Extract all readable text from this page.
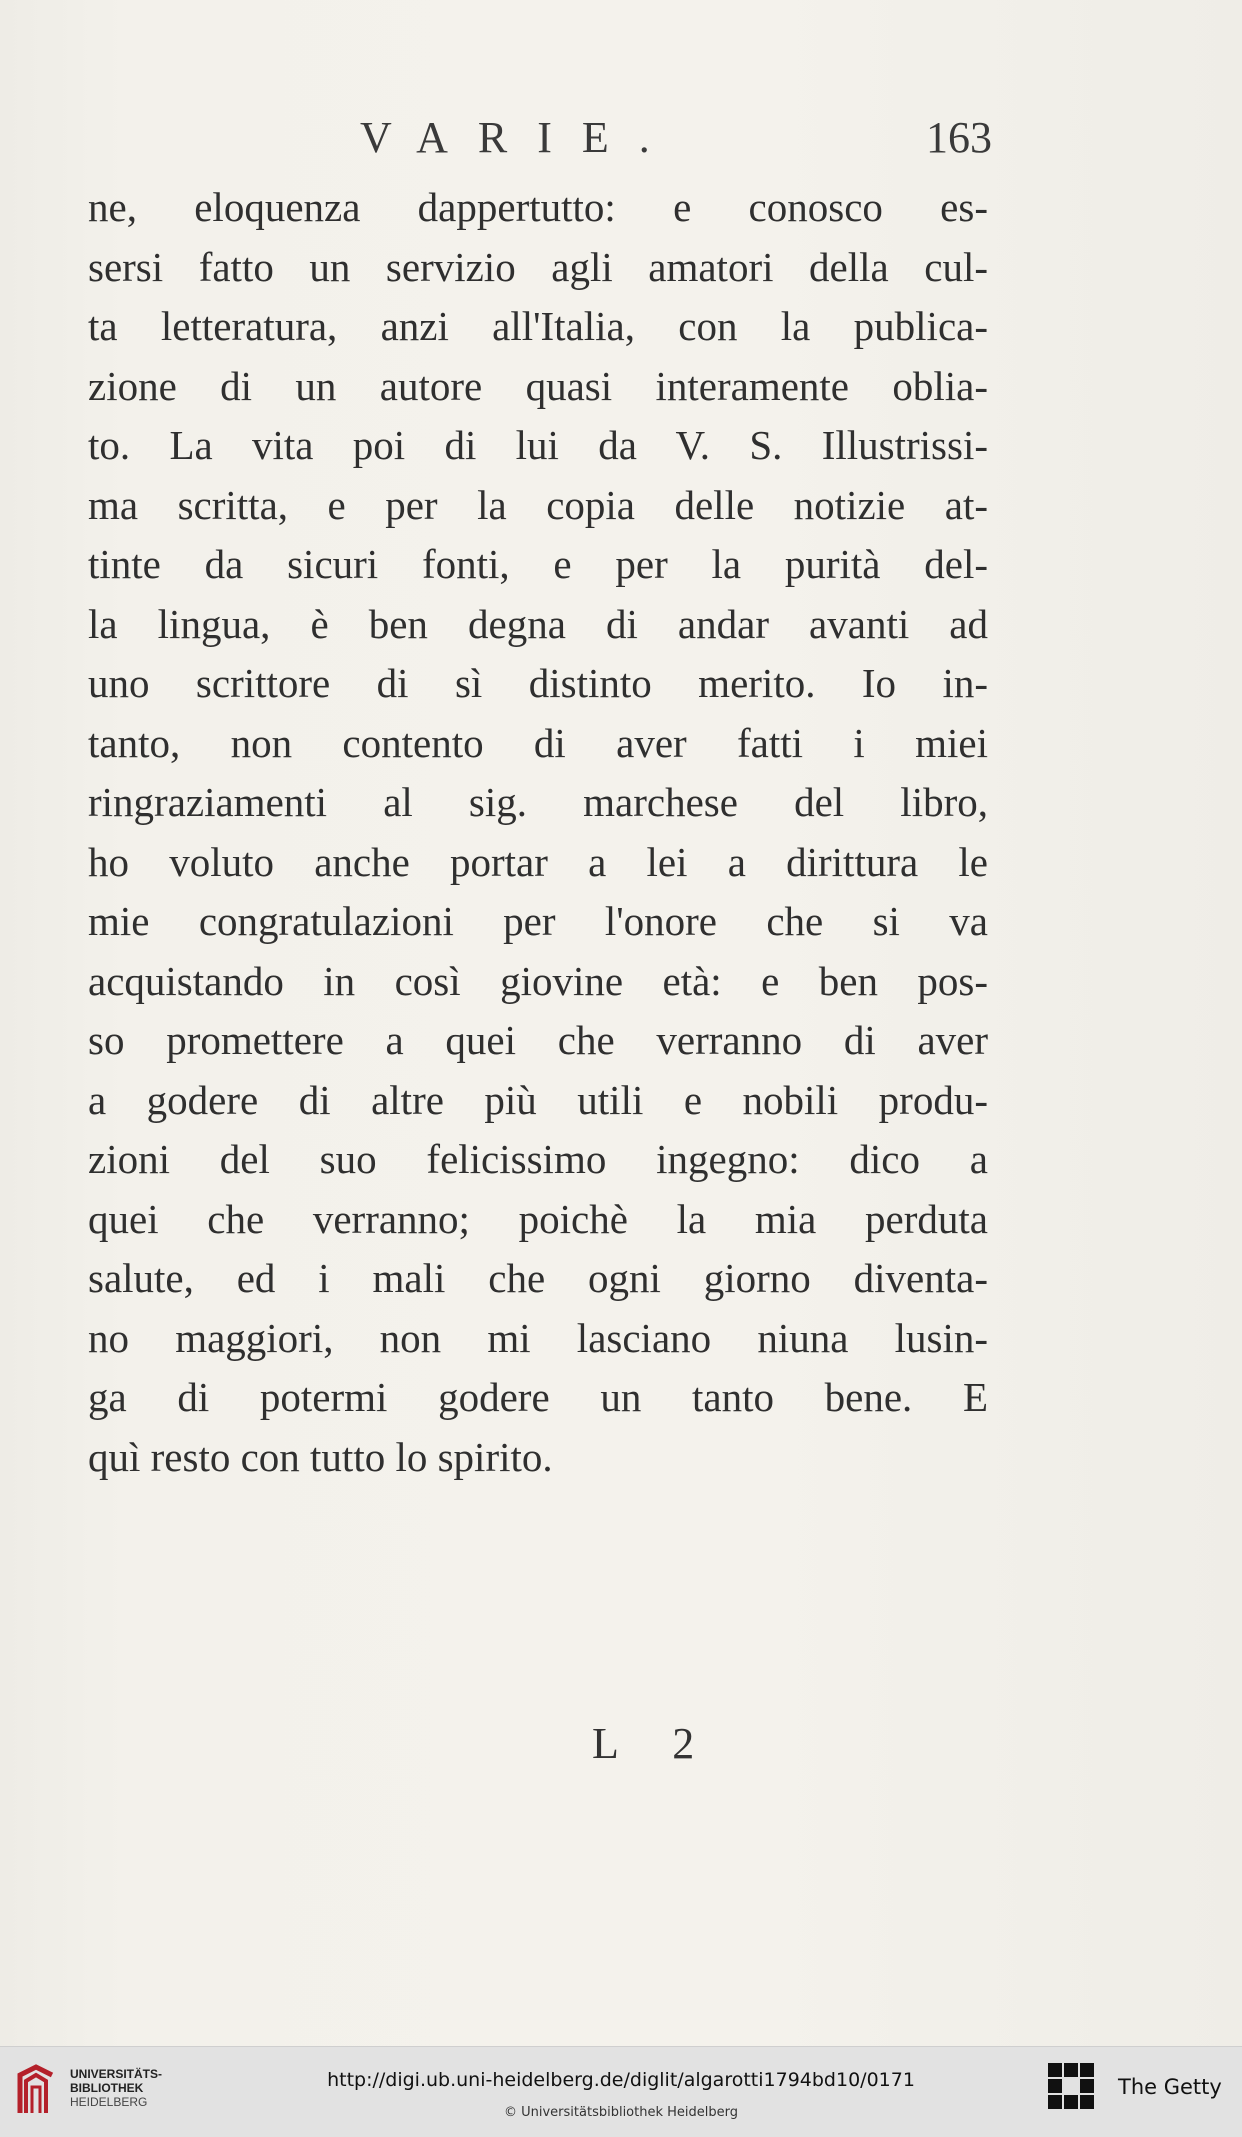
VARIE.	163
ne, eloquenza dappertutto: e conosco es-
sersi fatto un servizio agli amatori della cul-
ta letteratura, anzi all'Italia, con la publica-
zione di un autore quasi interamente oblia-
to. La vita poi di lui da V. S. Illustrissi-
ma scritta, e per la copia delle notizie at-
tinte da sicuri fonti, e per la purità del-
la lingua, è ben degna di andar avanti ad
uno scrittore di sì distinto merito. Io in-
tanto, non contento di aver fatti i miei
ringraziamenti al sig. marchese del libro,
ho voluto anche portar a lei a dirittura le
mie congratulazioni per l'onore che si va
acquistando in così giovine età: e ben pos-
so promettere a quei che verranno di aver
a godere di altre più utili e nobili produ-
zioni del suo felicissimo ingegno: dico a
quei che verranno; poichè la mia perduta
salute, ed i mali che ogni giorno diventa-
no maggiori, non mi lasciano niuna lusin-
ga di potermi godere un tanto bene. E
quì resto con tutto lo spirito.
L 2
UNIVERSITÄTS-
BIBLIOTHEK
HEIDELBERG
http://digi.ub.uni-heidelberg.de/diglit/algarotti1794bd10/0171
© Universitätsbibliothek Heidelberg
The Getty
